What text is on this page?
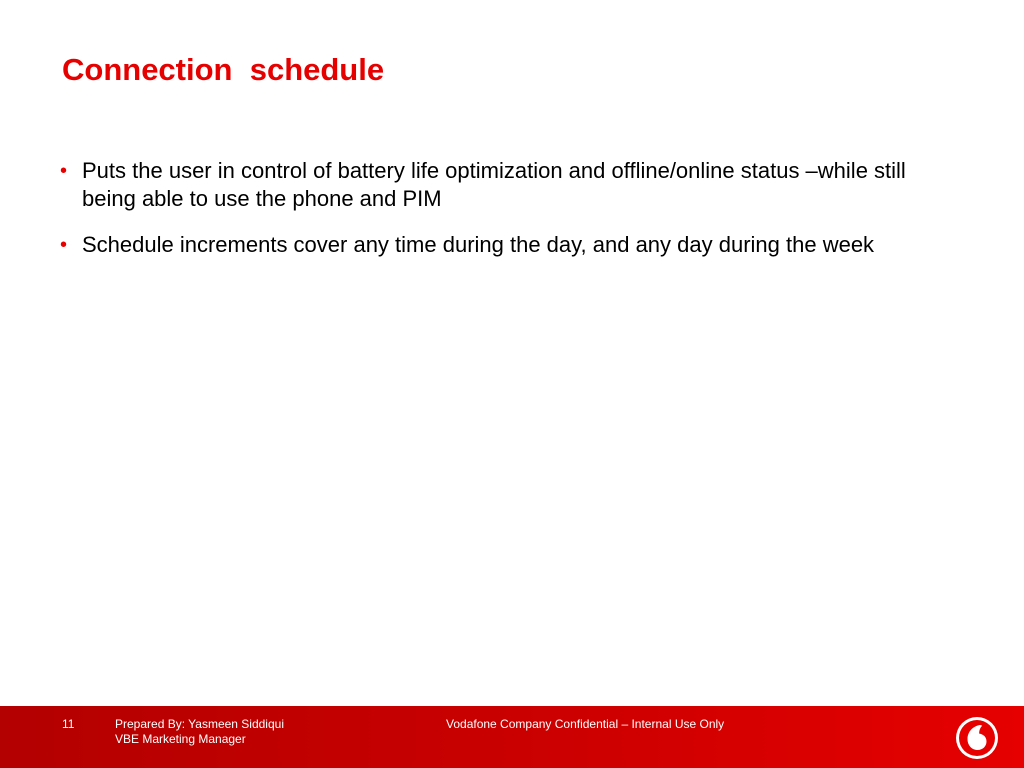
Connection  schedule
• Puts the user in control of battery life optimization and offline/online status –while still being able to use the phone and PIM
• Schedule increments cover any time during the day, and any day during the week
11	Prepared By: Yasmeen Siddiqui
VBE Marketing Manager
Vodafone Company Confidential – Internal Use Only
